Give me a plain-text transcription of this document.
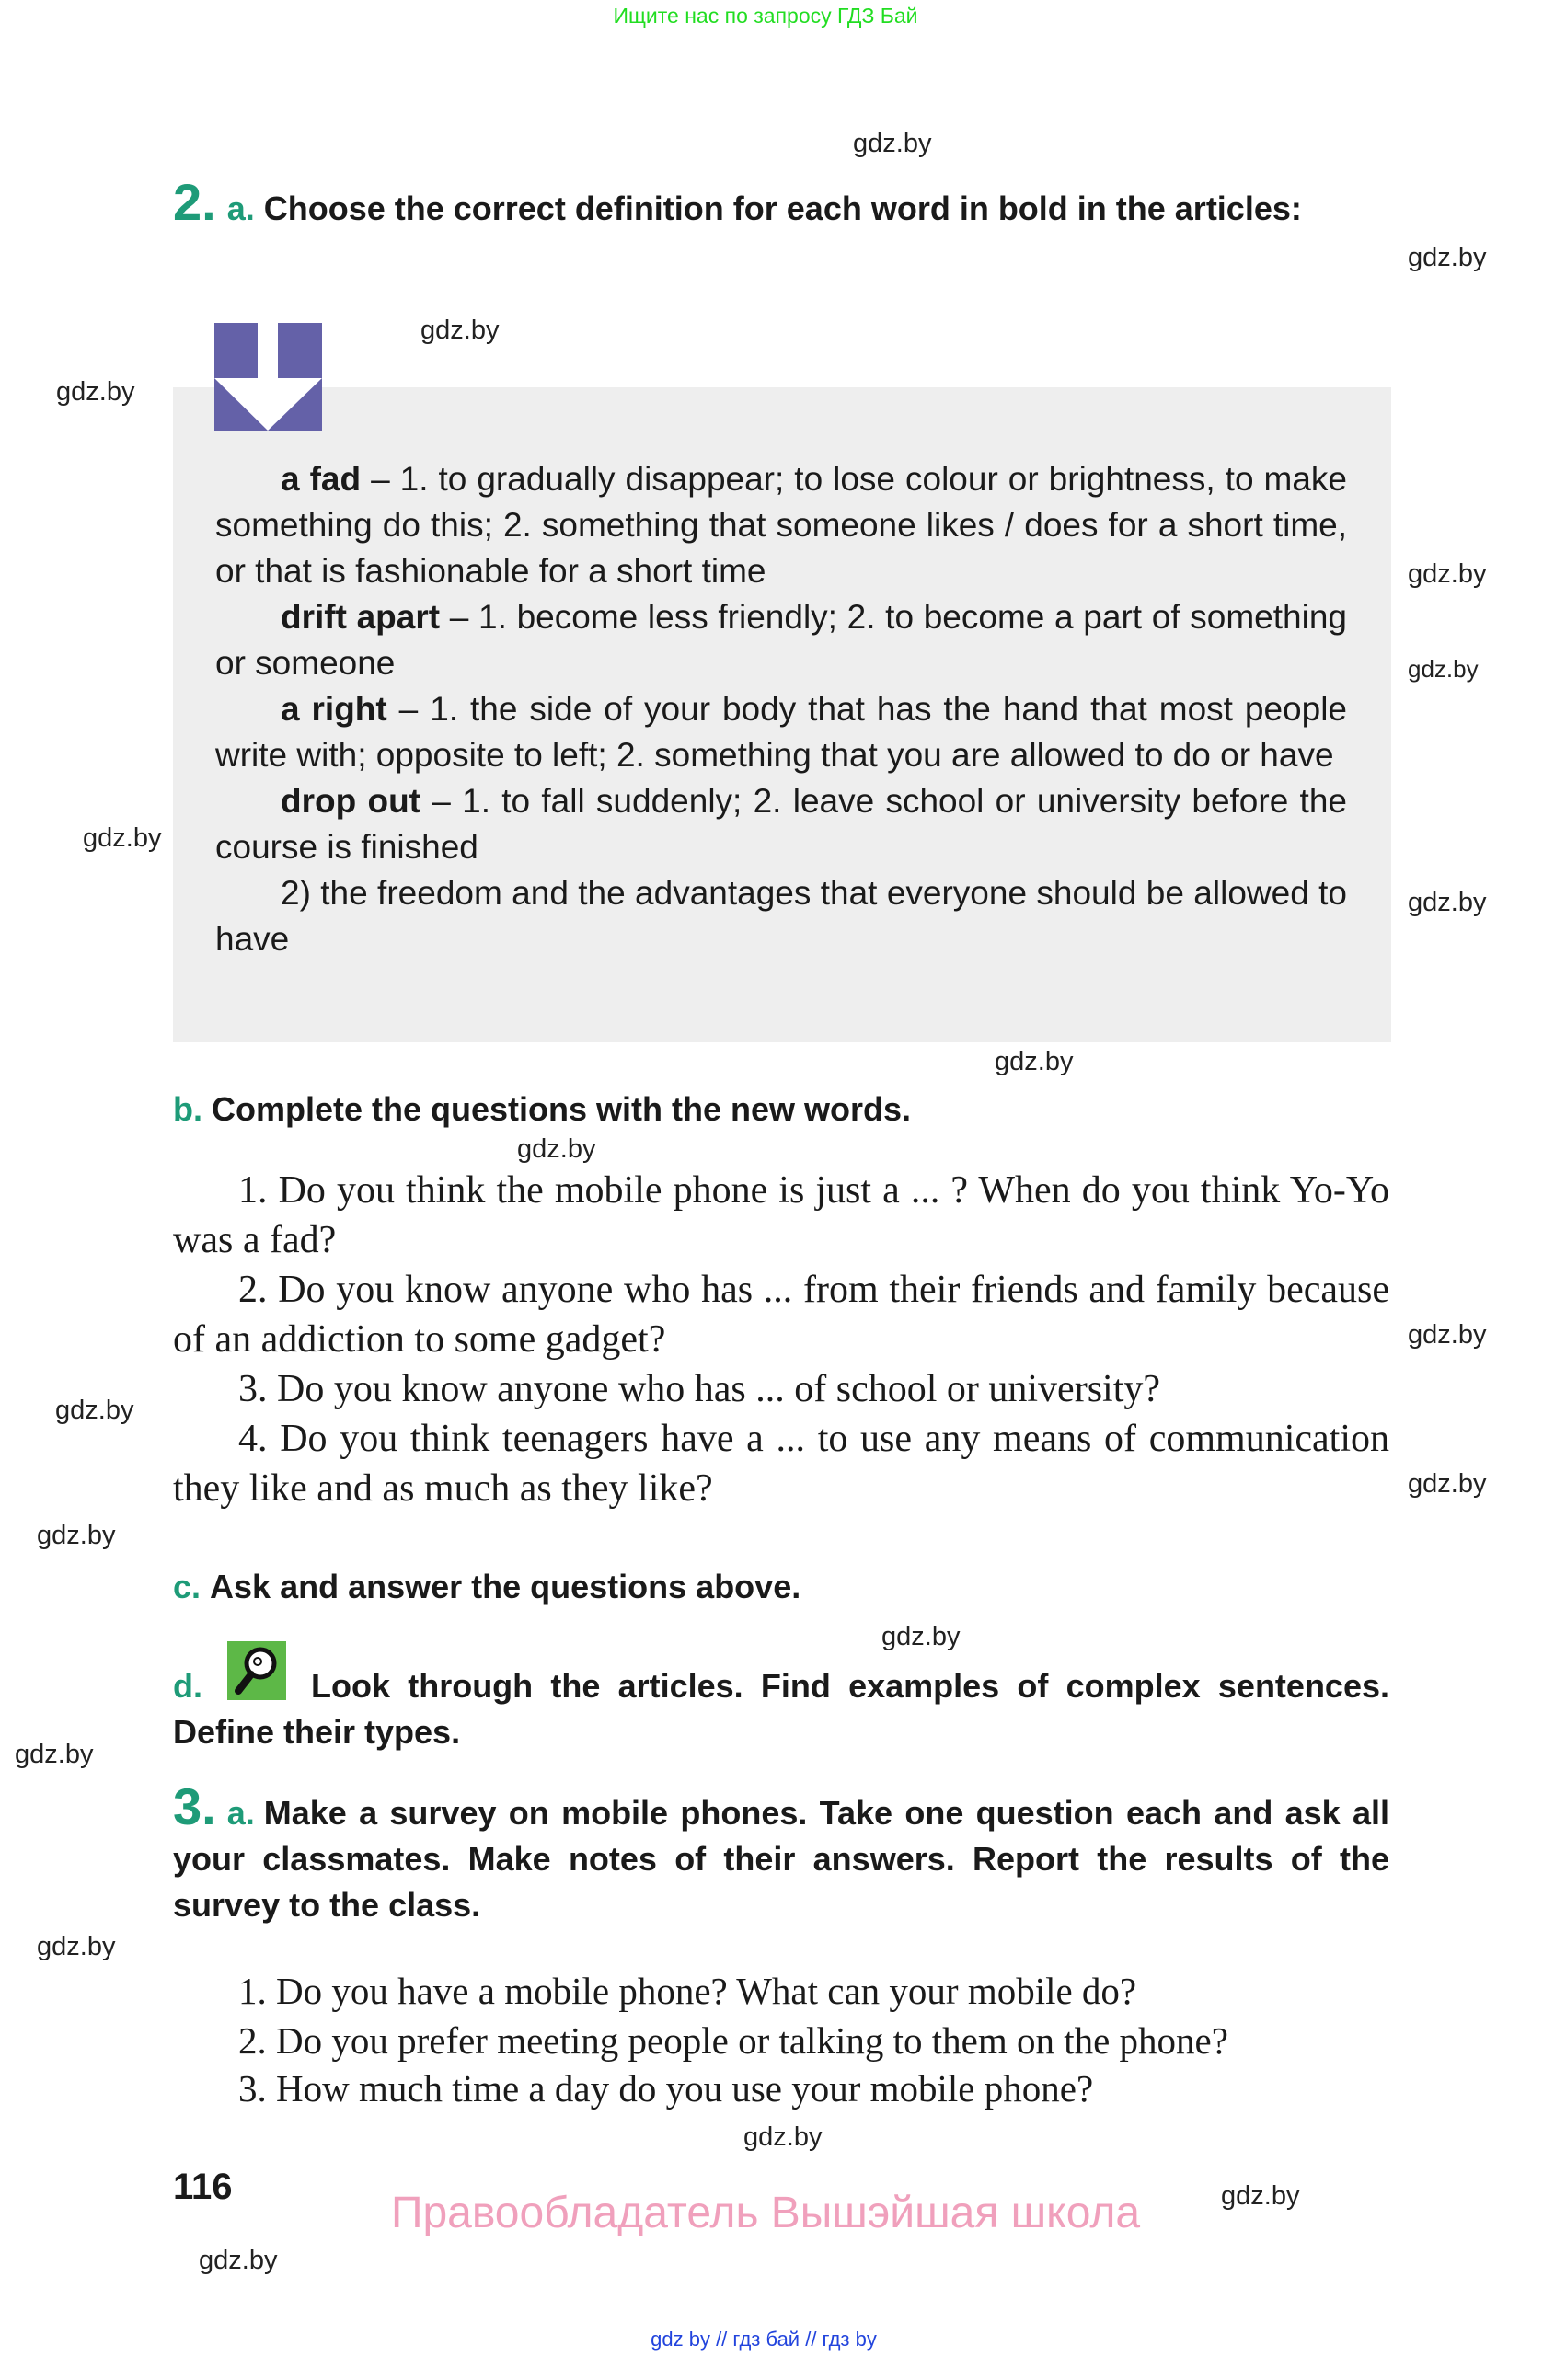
Ищите нас по запросу ГДЗ Бай
2. a. Choose the correct definition for each word in bold in the articles:

a fad – 1. to gradually disappear; to lose colour or brightness, to make something do this; 2. something that someone likes / does for a short time, or that is fashionable for a short time

drift apart – 1. become less friendly; 2. to become a part of something or someone

a right – 1. the side of your body that has the hand that most people write with; opposite to left; 2. something that you are allowed to do or have

drop out – 1. to fall suddenly; 2. leave school or university before the course is finished

2) the freedom and the advantages that everyone should be allowed to have

b. Complete the questions with the new words.

1. Do you think the mobile phone is just a ... ? When do you think Yo-Yo was a fad?

2. Do you know anyone who has ... from their friends and family because of an addiction to some gadget?

3. Do you know anyone who has ... of school or university?

4. Do you think teenagers have a ... to use any means of communication they like and as much as they like?

c. Ask and answer the questions above.
d.	Look through the articles. Find examples of complex sentences. Define their types.
3. a. Make a survey on mobile phones. Take one question each and ask all your classmates. Make notes of their answers. Report the results of the survey to the class.
1. Do you have a mobile phone? What can your mobile do?
2. Do you prefer meeting people or talking to them on the phone?
3. How much time a day do you use your mobile phone?
116
Правообладатель Вышэйшая школа
gdz by // гдз бай // гдз by
gdz.by
gdz.by
gdz.by
gdz.by
gdz.by
gdz.by
gdz.by
gdz.by
gdz.by
gdz.by
gdz.by
gdz.by
gdz.by
gdz.by
gdz.by
gdz.by
gdz.by
gdz.by
gdz.by
gdz.by
